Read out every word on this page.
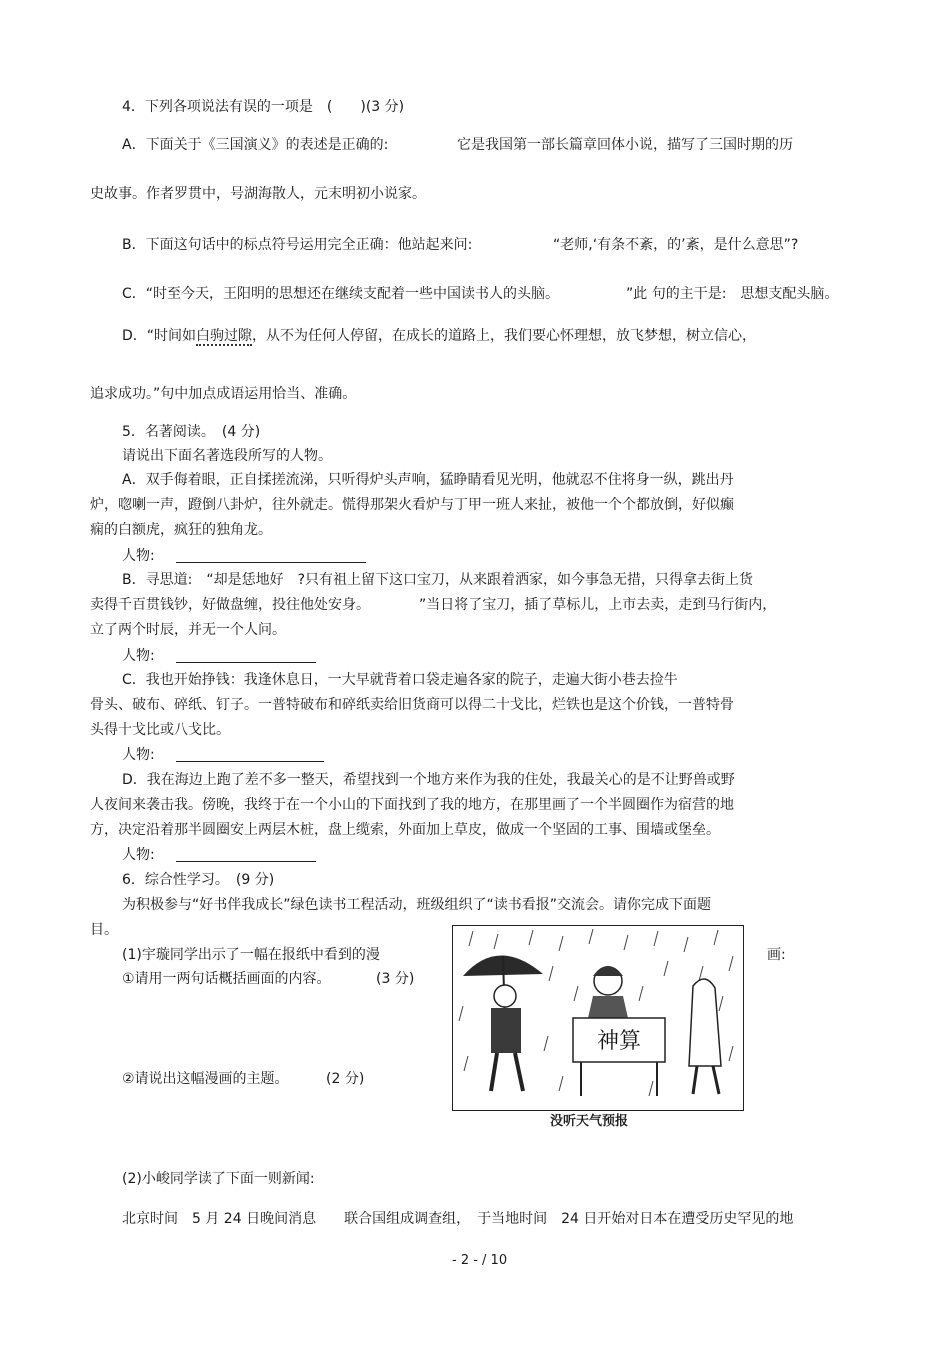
4．下列各项说法有误的一项是　(　　)(3 分)
A．下面关于《三国演义》的表述是正确的:	它是我国第一部长篇章回体小说，描写了三国时期的历
史故事。作者罗贯中，号湖海散人，元末明初小说家。
B．下面这句话中的标点符号运用完全正确：他站起来问:	“老师,‘有条不紊，的’紊，是什么意思”?
C．“时至今天，王阳明的思想还在继续支配着一些中国读书人的头脑。	”此 句的主干是:　思想支配头脑。
D．“时间如白驹过隙，从不为任何人停留，在成长的道路上，我们要心怀理想，放飞梦想，树立信心，
追求成功。”句中加点成语运用恰当、准确。
5．名著阅读。　(4 分)
请说出下面名著选段所写的人物。
A．双手侮着眼，正自揉搓流涕，只听得炉头声响，猛睁睛看见光明，他就忍不住将身一纵，跳出丹
炉，唿喇一声，蹬倒八卦炉，往外就走。慌得那架火看炉与丁甲一班人来扯，被他一个个都放倒，好似癫
痫的白额虎，疯狂的独角龙。
人物:
B．寻思道:　“却是恁地好　?只有祖上留下这口宝刀，从来跟着洒家，如今事急无措，只得拿去街上货
卖得千百贯钱钞，好做盘缠，投往他处安身。	”当日将了宝刀，插了草标儿，上市去卖，走到马行街内，
立了两个时辰，并无一个人问。
人物:
C．我也开始挣钱：我逢休息日，一大早就背着口袋走遍各家的院子，走遍大街小巷去捡牛
骨头、破布、碎纸、钉子。一普特破布和碎纸卖给旧货商可以得二十戈比，烂铁也是这个价钱，一普特骨
头得十戈比或八戈比。
人物:
D．我在海边上跑了差不多一整天，希望找到一个地方来作为我的住处，我最关心的是不让野兽或野
人夜间来袭击我。傍晚，我终于在一个小山的下面找到了我的地方，在那里画了一个半圆圈作为宿营的地
方，决定沿着那半圆圈安上两层木桩，盘上缆索，外面加上草皮，做成一个坚固的工事、围墙或堡垒。
人物:
6．综合性学习。　(9 分)
为积极参与“好书伴我成长”绿色读书工程活动，班级组织了“读书看报”交流会。请你完成下面题
目。
(1)宇璇同学出示了一幅在报纸中看到的漫	画:
①请用一两句话概括画面的内容。	(3 分)
②请说出这幅漫画的主题。	(2 分)
神算
没听天气预报
(2)小峻同学读了下面一则新闻:
北京时间　5 月 24 日晚间消息　　联合国组成调查组，　于当地时间　24 日开始对日本在遭受历史罕见的地
- 2 - / 10
